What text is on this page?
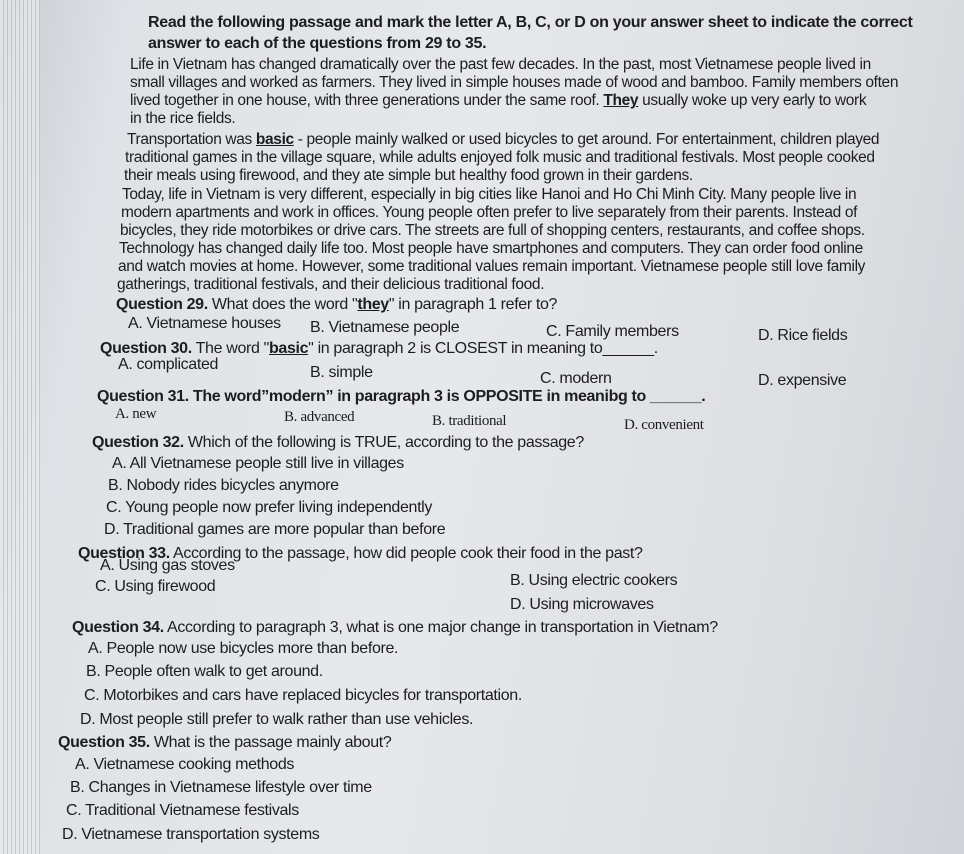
Read the following passage and mark the letter A, B, C, or D on your answer sheet to indicate the correct
answer to each of the questions from 29 to 35.
Life in Vietnam has changed dramatically over the past few decades. In the past, most Vietnamese people lived in
small villages and worked as farmers. They lived in simple houses made of wood and bamboo. Family members often
lived together in one house, with three generations under the same roof. They usually woke up very early to work
in the rice fields.
Transportation was basic - people mainly walked or used bicycles to get around. For entertainment, children played
traditional games in the village square, while adults enjoyed folk music and traditional festivals. Most people cooked
their meals using firewood, and they ate simple but healthy food grown in their gardens.
Today, life in Vietnam is very different, especially in big cities like Hanoi and Ho Chi Minh City. Many people live in
modern apartments and work in offices. Young people often prefer to live separately from their parents. Instead of
bicycles, they ride motorbikes or drive cars. The streets are full of shopping centers, restaurants, and coffee shops.
Technology has changed daily life too. Most people have smartphones and computers. They can order food online
and watch movies at home. However, some traditional values remain important. Vietnamese people still love family
gatherings, traditional festivals, and their delicious traditional food.
Question 29. What does the word "they" in paragraph 1 refer to?
A. Vietnamese houses B. Vietnamese people	C. Family members	D. Rice fields
Question 30. The word "basic" in paragraph 2 is CLOSEST in meaning to______.
A. complicated	B. simple	C. modern	D. expensive
Question 31. The word”modern” in paragraph 3 is OPPOSITE in meanibg to ______.
A. new	B. advanced	B. traditional	D. convenient
Question 32. Which of the following is TRUE, according to the passage?
A. All Vietnamese people still live in villages
B. Nobody rides bicycles anymore
C. Young people now prefer living independently
D. Traditional games are more popular than before
Question 33. According to the passage, how did people cook their food in the past?
A. Using gas stoves
B. Using electric cookers
C. Using firewood
D. Using microwaves
Question 34. According to paragraph 3, what is one major change in transportation in Vietnam?
A. People now use bicycles more than before.
B. People often walk to get around.
C. Motorbikes and cars have replaced bicycles for transportation.
D. Most people still prefer to walk rather than use vehicles.
Question 35. What is the passage mainly about?
A. Vietnamese cooking methods
B. Changes in Vietnamese lifestyle over time
C. Traditional Vietnamese festivals
D. Vietnamese transportation systems
